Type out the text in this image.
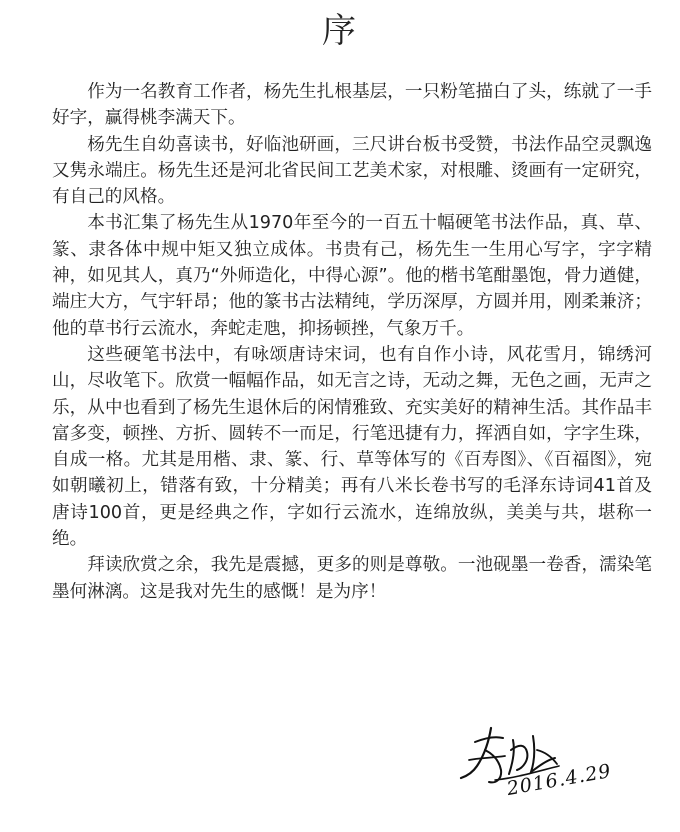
序

作为一名教育工作者，杨先生扎根基层，一只粉笔描白了头，练就了一手好字，赢得桃李满天下。

杨先生自幼喜读书，好临池研画，三尺讲台板书受赞，书法作品空灵飘逸又隽永端庄。杨先生还是河北省民间工艺美术家，对根雕、烫画有一定研究，有自己的风格。

本书汇集了杨先生从1970年至今的一百五十幅硬笔书法作品，真、草、篆、隶各体中规中矩又独立成体。书贵有己，杨先生一生用心写字，字字精神，如见其人，真乃“外师造化，中得心源”。他的楷书笔酣墨饱，骨力遒健，端庄大方，气宇轩昂；他的篆书古法精纯，学历深厚，方圆并用，刚柔兼济；他的草书行云流水，奔蛇走虺，抑扬顿挫，气象万千。

这些硬笔书法中，有咏颂唐诗宋词，也有自作小诗，风花雪月，锦绣河山，尽收笔下。欣赏一幅幅作品，如无言之诗，无动之舞，无色之画，无声之乐，从中也看到了杨先生退休后的闲情雅致、充实美好的精神生活。其作品丰富多变，顿挫、方折、圆转不一而足，行笔迅捷有力，挥洒自如，字字生珠，自成一格。尤其是用楷、隶、篆、行、草等体写的《百寿图》、《百福图》，宛如朝曦初上，错落有致，十分精美；再有八米长卷书写的毛泽东诗词41首及唐诗100首，更是经典之作，字如行云流水，连绵放纵，美美与共，堪称一绝。

拜读欣赏之余，我先是震撼，更多的则是尊敬。一池砚墨一卷香，濡染笔墨何淋漓。这是我对先生的感慨！是为序！

2016.4.29
